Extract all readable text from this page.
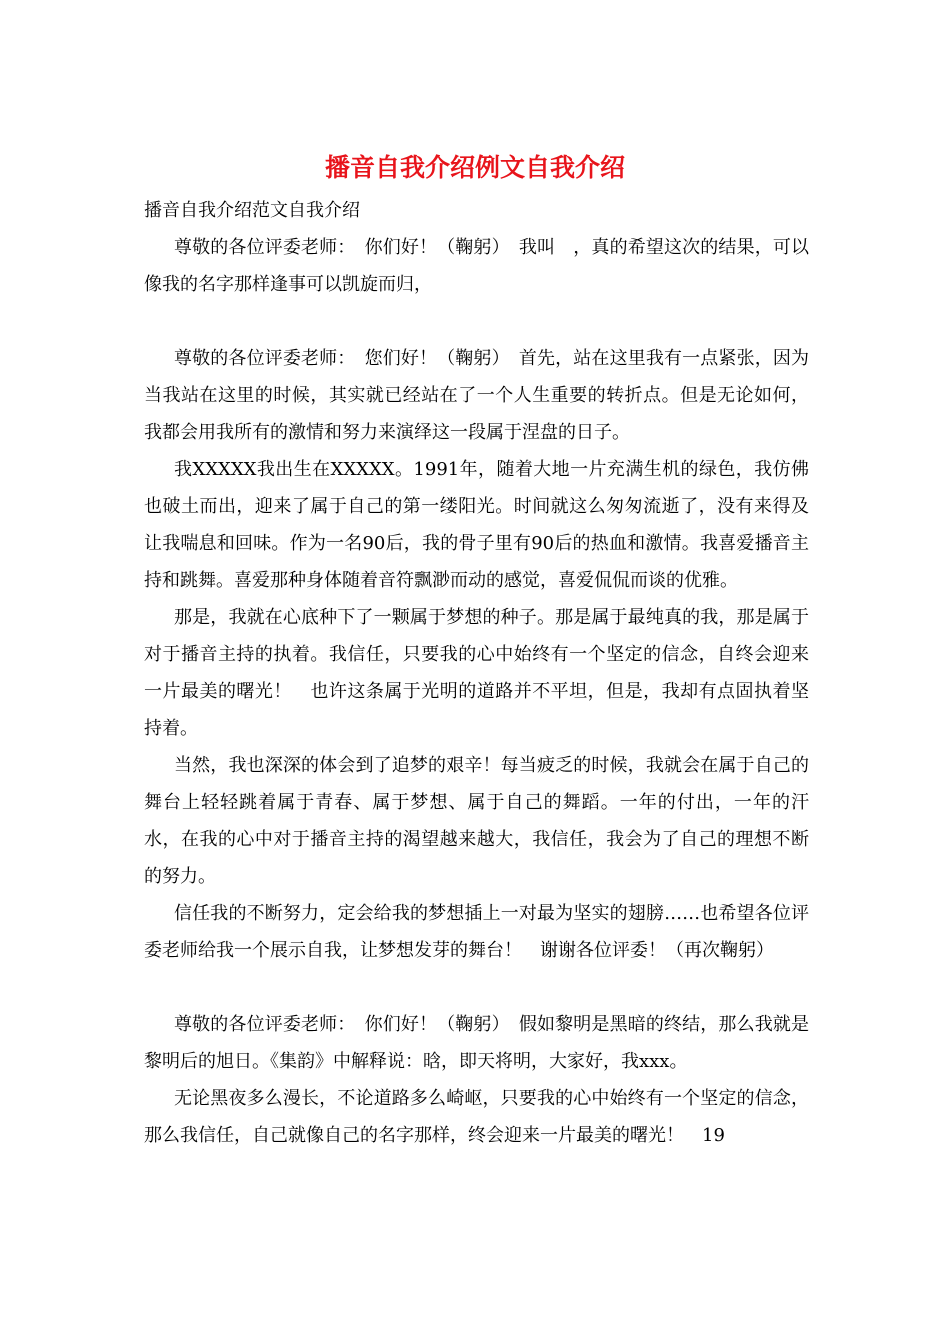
播音自我介绍例文自我介绍

播音自我介绍范文自我介绍

尊敬的各位评委老师：　你们好！（鞠躬）　我叫　，真的希望这次的结果，可以像我的名字那样逢事可以凯旋而归，

尊敬的各位评委老师：　您们好！（鞠躬）　首先，站在这里我有一点紧张，因为当我站在这里的时候，其实就已经站在了一个人生重要的转折点。但是无论如何，我都会用我所有的激情和努力来演绎这一段属于涅盘的日子。

我XXXXX我出生在XXXXX。1991年，随着大地一片充满生机的绿色，我仿佛也破土而出，迎来了属于自己的第一缕阳光。时间就这么匆匆流逝了，没有来得及让我喘息和回味。作为一名90后，我的骨子里有90后的热血和激情。我喜爱播音主持和跳舞。喜爱那种身体随着音符飘渺而动的感觉，喜爱侃侃而谈的优雅。

那是，我就在心底种下了一颗属于梦想的种子。那是属于最纯真的我，那是属于对于播音主持的执着。我信任，只要我的心中始终有一个坚定的信念，自终会迎来一片最美的曙光！　也许这条属于光明的道路并不平坦，但是，我却有点固执着坚持着。

当然，我也深深的体会到了追梦的艰辛！每当疲乏的时候，我就会在属于自己的舞台上轻轻跳着属于青春、属于梦想、属于自己的舞蹈。一年的付出，一年的汗水，在我的心中对于播音主持的渴望越来越大，我信任，我会为了自己的理想不断的努力。

信任我的不断努力，定会给我的梦想插上一对最为坚实的翅膀……也希望各位评委老师给我一个展示自我，让梦想发芽的舞台！　谢谢各位评委！（再次鞠躬）

尊敬的各位评委老师：　你们好！（鞠躬）　假如黎明是黑暗的终结，那么我就是黎明后的旭日。《集韵》中解释说：晗，即天将明，大家好，我xxx。

无论黑夜多么漫长，不论道路多么崎岖，只要我的心中始终有一个坚定的信念，那么我信任，自己就像自己的名字那样，终会迎来一片最美的曙光！　19
